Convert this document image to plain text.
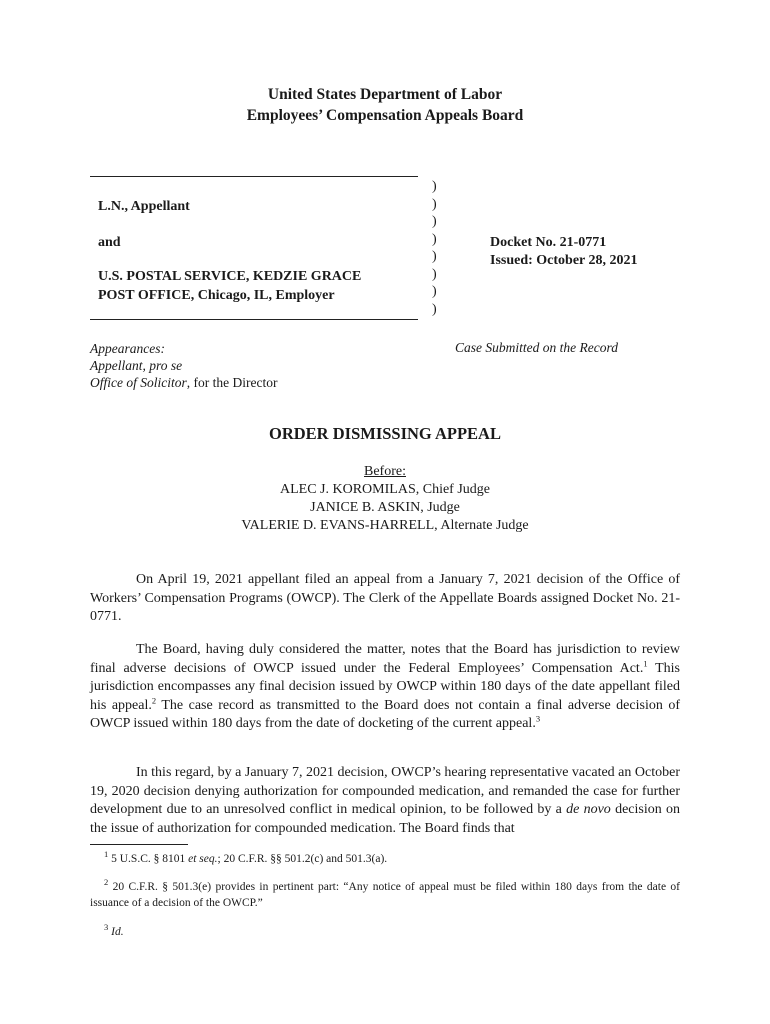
United States Department of Labor
Employees’ Compensation Appeals Board
L.N., Appellant
and
U.S. POSTAL SERVICE, KEDZIE GRACE
POST OFFICE, Chicago, IL, Employer
)
)
)
)
)
)
)
)
Docket No. 21-0771
Issued: October 28, 2021
Appearances:
Appellant, pro se
Office of Solicitor, for the Director
Case Submitted on the Record
ORDER DISMISSING APPEAL
Before:
ALEC J. KOROMILAS, Chief Judge
JANICE B. ASKIN, Judge
VALERIE D. EVANS-HARRELL, Alternate Judge
On April 19, 2021 appellant filed an appeal from a January 7, 2021 decision of the Office of Workers’ Compensation Programs (OWCP). The Clerk of the Appellate Boards assigned Docket No. 21-0771.
The Board, having duly considered the matter, notes that the Board has jurisdiction to review final adverse decisions of OWCP issued under the Federal Employees’ Compensation Act.$^1$ This jurisdiction encompasses any final decision issued by OWCP within 180 days of the date appellant filed his appeal.$^2$ The case record as transmitted to the Board does not contain a final adverse decision of OWCP issued within 180 days from the date of docketing of the current appeal.$^3$
In this regard, by a January 7, 2021 decision, OWCP’s hearing representative vacated an October 19, 2020 decision denying authorization for compounded medication, and remanded the case for further development due to an unresolved conflict in medical opinion, to be followed by a de novo decision on the issue of authorization for compounded medication. The Board finds that
$^1$ 5 U.S.C. § 8101 et seq.; 20 C.F.R. §§ 501.2(c) and 501.3(a).
$^2$ 20 C.F.R. § 501.3(e) provides in pertinent part: “Any notice of appeal must be filed within 180 days from the date of issuance of a decision of the OWCP.”
$^3$ Id.
